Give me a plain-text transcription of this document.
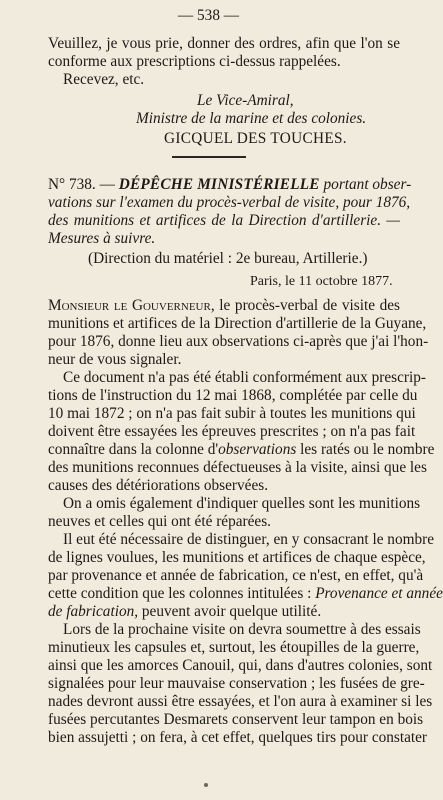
— 538 —
Veuillez, je vous prie, donner des ordres, afin que l'on se
conforme aux prescriptions ci-dessus rappelées.
Recevez, etc.
Le Vice-Amiral,
Ministre de la marine et des colonies.
GICQUEL DES TOUCHES.
N° 738. — DÉPÊCHE MINISTÉRIELLE portant obser-
vations sur l'examen du procès-verbal de visite, pour 1876,
des munitions et artifices de la Direction d'artillerie. —
Mesures à suivre.
(Direction du matériel : 2e bureau, Artillerie.)
Paris, le 11 octobre 1877.
Monsieur le Gouverneur, le procès-verbal de visite des
munitions et artifices de la Direction d'artillerie de la Guyane,
pour 1876, donne lieu aux observations ci-après que j'ai l'hon-
neur de vous signaler.
Ce document n'a pas été établi conformément aux prescrip-
tions de l'instruction du 12 mai 1868, complétée par celle du
10 mai 1872 ; on n'a pas fait subir à toutes les munitions qui
doivent être essayées les épreuves prescrites ; on n'a pas fait
connaître dans la colonne d'observations les ratés ou le nombre
des munitions reconnues défectueuses à la visite, ainsi que les
causes des détériorations observées.
On a omis également d'indiquer quelles sont les munitions
neuves et celles qui ont été réparées.
Il eut été nécessaire de distinguer, en y consacrant le nombre
de lignes voulues, les munitions et artifices de chaque espèce,
par provenance et année de fabrication, ce n'est, en effet, qu'à
cette condition que les colonnes intitulées : Provenance et année
de fabrication, peuvent avoir quelque utilité.
Lors de la prochaine visite on devra soumettre à des essais
minutieux les capsules et, surtout, les étoupilles de la guerre,
ainsi que les amorces Canouil, qui, dans d'autres colonies, sont
signalées pour leur mauvaise conservation ; les fusées de gre-
nades devront aussi être essayées, et l'on aura à examiner si les
fusées percutantes Desmarets conservent leur tampon en bois
bien assujetti ; on fera, à cet effet, quelques tirs pour constater
